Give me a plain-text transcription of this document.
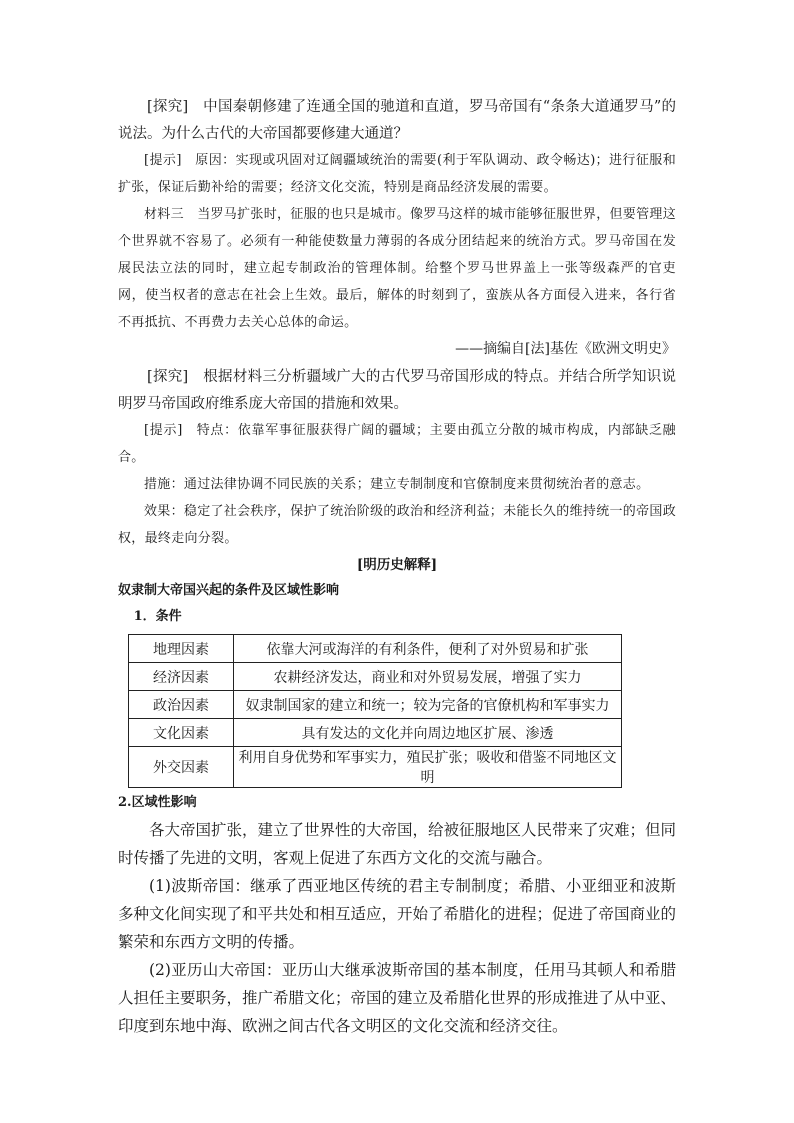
[探究]　 中国秦朝修建了连通全国的驰道和直道，罗马帝国有“条条大道通罗马”的说法。为什么古代的大帝国都要修建大通道？

[提示]　 原因：实现或巩固对辽阔疆域统治的需要(利于军队调动、政令畅达)；进行征服和扩张，保证后勤补给的需要；经济文化交流，特别是商品经济发展的需要。

材料三　当罗马扩张时，征服的也只是城市。像罗马这样的城市能够征服世界，但要管理这个世界就不容易了。必须有一种能使数量力薄弱的各成分团结起来的统治方式。罗马帝国在发展民法立法的同时，建立起专制政治的管理体制。给整个罗马世界盖上一张等级森严的官吏网，使当权者的意志在社会上生效。最后，解体的时刻到了，蛮族从各方面侵入进来，各行省不再抵抗、不再费力去关心总体的命运。

——摘编自[法]基佐《欧洲文明史》

[探究]　 根据材料三分析疆域广大的古代罗马帝国形成的特点。并结合所学知识说明罗马帝国政府维系庞大帝国的措施和效果。

[提示]　 特点：依靠军事征服获得广阔的疆域；主要由孤立分散的城市构成，内部缺乏融合。

措施：通过法律协调不同民族的关系；建立专制制度和官僚制度来贯彻统治者的意志。

效果：稳定了社会秩序，保护了统治阶级的政治和经济利益；未能长久的维持统一的帝国政权，最终走向分裂。

[明历史解释]

奴隶制大帝国兴起的条件及区域性影响

1．条件

地理因素	依靠大河或海洋的有利条件，便利了对外贸易和扩张
经济因素	农耕经济发达，商业和对外贸易发展，增强了实力
政治因素	奴隶制国家的建立和统一；较为完备的官僚机构和军事实力
文化因素	具有发达的文化并向周边地区扩展、渗透
外交因素	利用自身优势和军事实力，殖民扩张；吸收和借鉴不同地区文明

2.区域性影响

各大帝国扩张，建立了世界性的大帝国，给被征服地区人民带来了灾难；但同时传播了先进的文明，客观上促进了东西方文化的交流与融合。

(1)波斯帝国：继承了西亚地区传统的君主专制制度；希腊、小亚细亚和波斯多种文化间实现了和平共处和相互适应，开始了希腊化的进程；促进了帝国商业的繁荣和东西方文明的传播。

(2)亚历山大帝国：亚历山大继承波斯帝国的基本制度，任用马其顿人和希腊人担任主要职务，推广希腊文化；帝国的建立及希腊化世界的形成推进了从中亚、印度到东地中海、欧洲之间古代各文明区的文化交流和经济交往。
